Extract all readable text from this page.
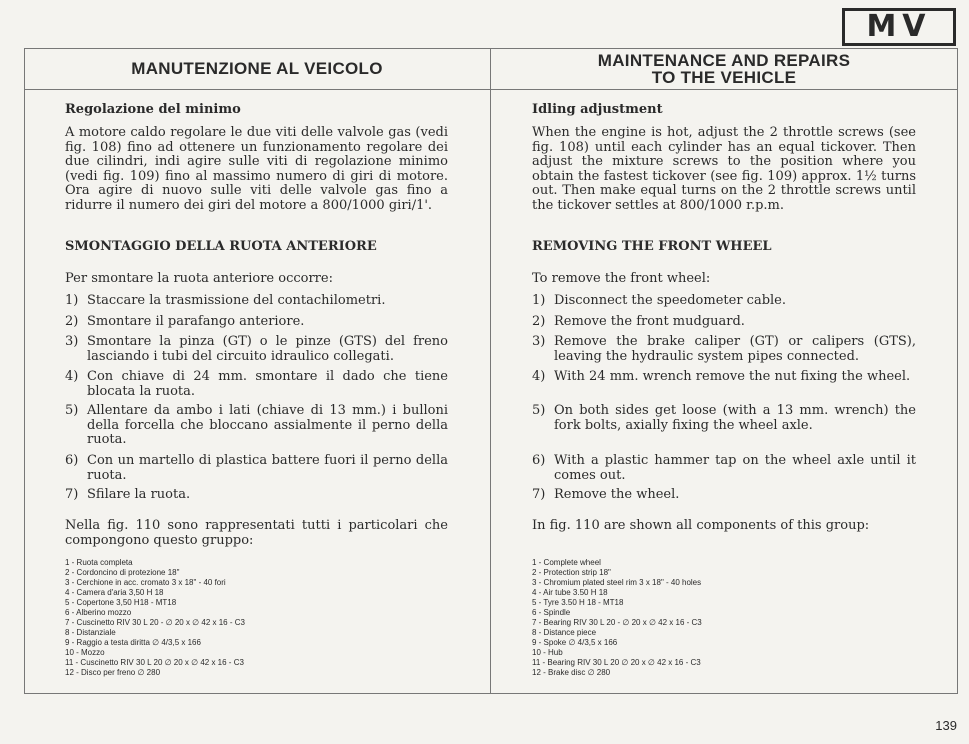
MV
MANUTENZIONE AL VEICOLO	MAINTENANCE AND REPAIRS
TO THE VEHICLE
Regolazione del minimo

A motore caldo regolare le due viti delle valvole gas (vedi fig. 108) fino ad ottenere un funzionamento regolare dei due cilindri, indi agire sulle viti di regolazione minimo (vedi fig. 109) fino al massimo numero di giri di motore. Ora agire di nuovo sulle viti delle valvole gas fino a ridurre il numero dei giri del motore a 800/1000 giri/1'.

SMONTAGGIO DELLA RUOTA ANTERIORE

Per smontare la ruota anteriore occorre:

1) Staccare la trasmissione del contachilometri.
2) Smontare il parafango anteriore.
3) Smontare la pinza (GT) o le pinze (GTS) del freno lasciando i tubi del circuito idraulico collegati.
4) Con chiave di 24 mm. smontare il dado che tiene blocata la ruota.
5) Allentare da ambo i lati (chiave di 13 mm.) i bulloni della forcella che bloccano assialmente il perno della ruota.
6) Con un martello di plastica battere fuori il perno della ruota.
7) Sfilare la ruota.

Nella fig. 110 sono rappresentati tutti i particolari che compongono questo gruppo:

1 - Ruota completa
2 - Cordoncino di protezione 18"
3 - Cerchione in acc. cromato 3 x 18" - 40 fori
4 - Camera d'aria 3,50 H 18
5 - Copertone 3,50 H18 - MT18
6 - Alberino mozzo
7 - Cuscinetto RIV 30 L 20 - ∅ 20 x ∅ 42 x 16 - C3
8 - Distanziale
9 - Raggio a testa diritta ∅ 4/3,5 x 166
10 - Mozzo
11 - Cuscinetto RIV 30 L 20 ∅ 20 x ∅ 42 x 16 - C3
12 - Disco per freno ∅ 280
Idling adjustment

When the engine is hot, adjust the 2 throttle screws (see fig. 108) until each cylinder has an equal tickover. Then adjust the mixture screws to the position where you obtain the fastest tickover (see fig. 109) approx. 1½ turns out. Then make equal turns on the 2 throttle screws until the tickover settles at 800/1000 r.p.m.

REMOVING THE FRONT WHEEL

To remove the front wheel:

1) Disconnect the speedometer cable.
2) Remove the front mudguard.
3) Remove the brake caliper (GT) or calipers (GTS), leaving the hydraulic system pipes connected.
4) With 24 mm. wrench remove the nut fixing the wheel.
5) On both sides get loose (with a 13 mm. wrench) the fork bolts, axially fixing the wheel axle.
6) With a plastic hammer tap on the wheel axle until it comes out.
7) Remove the wheel.

In fig. 110 are shown all components of this group:

1 - Complete wheel
2 - Protection strip 18"
3 - Chromium plated steel rim 3 x 18" - 40 holes
4 - Air tube 3.50 H 18
5 - Tyre 3.50 H 18 - MT18
6 - Spindle
7 - Bearing RIV 30 L 20 - ∅ 20 x ∅ 42 x 16 - C3
8 - Distance piece
9 - Spoke ∅ 4/3,5 x 166
10 - Hub
11 - Bearing RIV 30 L 20 ∅ 20 x ∅ 42 x 16 - C3
12 - Brake disc ∅ 280
139
